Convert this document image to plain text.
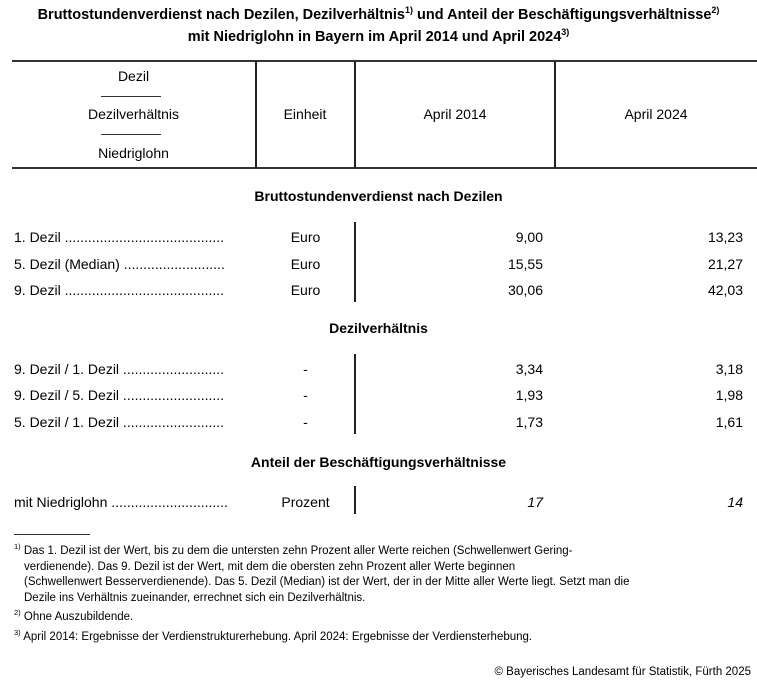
Bruttostundenverdienst nach Dezilen, Dezilverhältnis$^{1)}$ und Anteil der Beschäftigungsverhältnisse$^{2)}$
mit Niedriglohn in Bayern im April 2014 und April 2024$^{3)}$
Dezil
Dezilverhältnis
Niedriglohn
Einheit	April 2014	April 2024
Bruttostundenverdienst nach Dezilen
1. Dezil .........................................	Euro	9,00	13,23
5. Dezil (Median) ..........................	Euro	15,55	21,27
9. Dezil .........................................	Euro	30,06	42,03
Dezilverhältnis
9. Dezil / 1. Dezil ..........................	-	3,34	3,18
9. Dezil / 5. Dezil ..........................	-	1,93	1,98
5. Dezil / 1. Dezil ..........................	-	1,73	1,61
Anteil der Beschäftigungsverhältnisse
mit Niedriglohn ..............................	Prozent	17	14
$^{1)}$ Das 1. Dezil ist der Wert, bis zu dem die untersten zehn Prozent aller Werte reichen (Schwellenwert Gering-
verdienende). Das 9. Dezil ist der Wert, mit dem die obersten zehn Prozent aller Werte beginnen
(Schwellenwert Besserverdienende). Das 5. Dezil (Median) ist der Wert, der in der Mitte aller Werte liegt. Setzt man die
Dezile ins Verhältnis zueinander, errechnet sich ein Dezilverhältnis.
$^{2)}$ Ohne Auszubildende.
$^{3)}$ April 2014: Ergebnisse der Verdienstrukturerhebung. April 2024: Ergebnisse der Verdiensterhebung.
© Bayerisches Landesamt für Statistik, Fürth 2025
